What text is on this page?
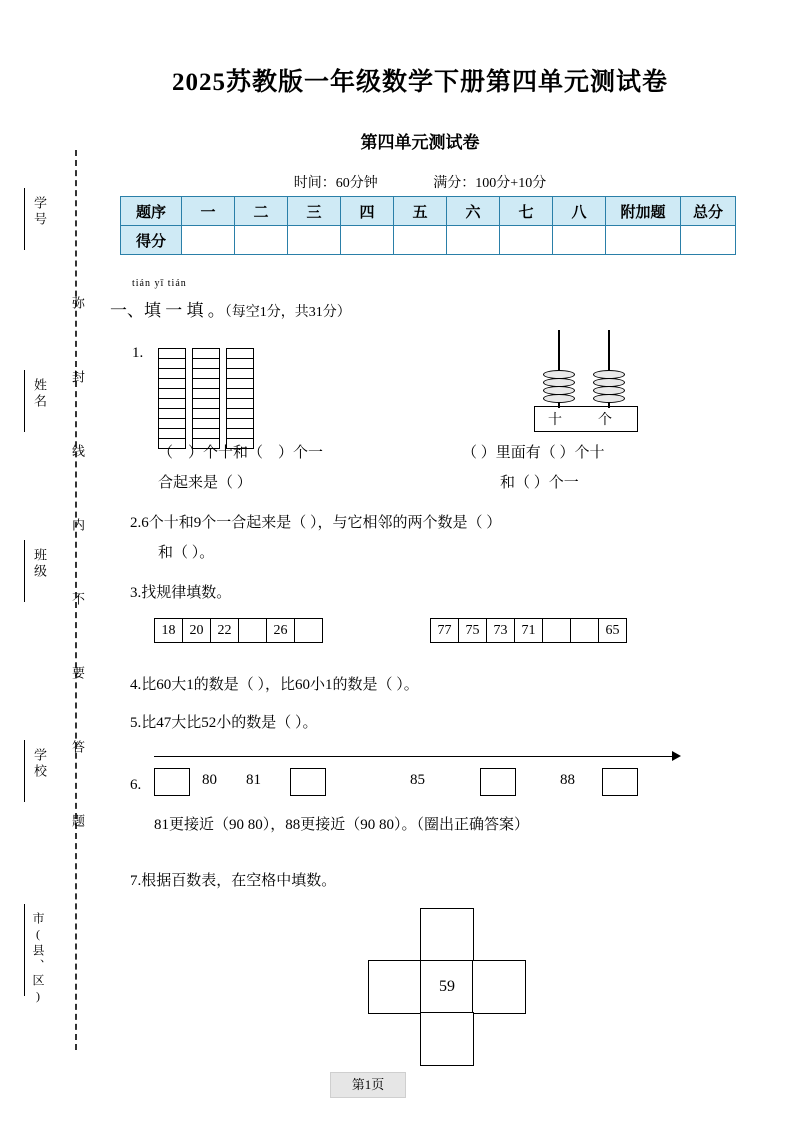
学号
姓名
班级
学校
市(县、区)
弥
封
线
内
不
要
答
题
2025苏教版一年级数学下册第四单元测试卷
第四单元测试卷
时间：60分钟	满分：100分+10分
题序	一	二	三	四	五	六	七	八	附加题	总分
得分										
tián yī tián
一、填 一 填 。（每空1分，共31分）
1.
十	个
（ ）个十和（ ）个一
合起来是（ ）
（ ）里面有（ ）个十
和（ ）个一
2.6个十和9个一合起来是（ ），与它相邻的两个数是（ ）
和（ ）。
3.找规律填数。
18 20 22	26	77 75 73 71	65
4.比60大1的数是（ ），比60小1的数是（ ）。
5.比47大比52小的数是（ ）。
6.	80 81	85	88
81更接近（90 80），88更接近（90 80）。（圈出正确答案）
7.根据百数表，在空格中填数。
59
第1页
